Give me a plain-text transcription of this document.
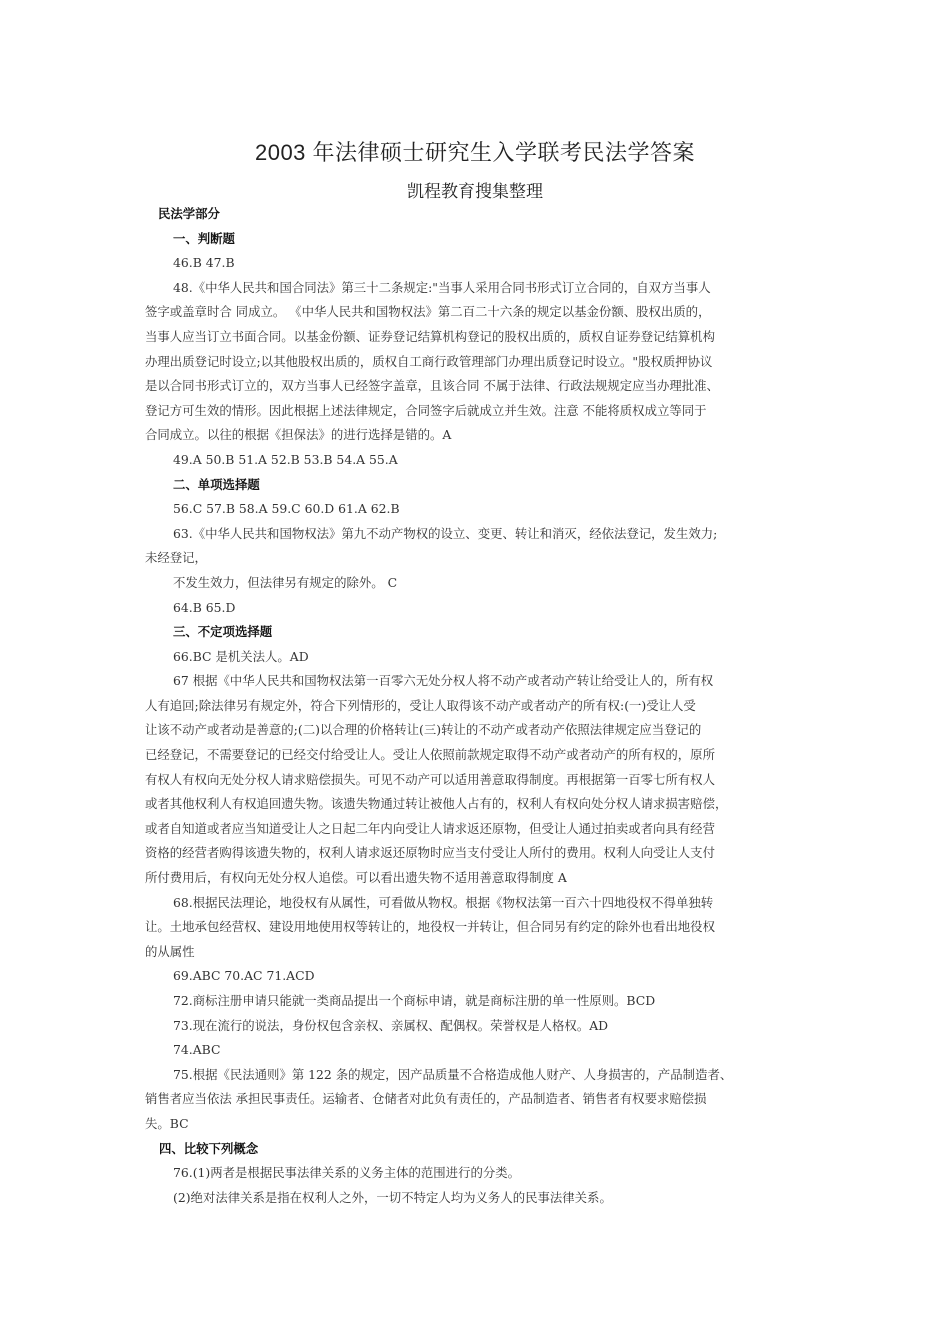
2003 年法律硕士研究生入学联考民法学答案
凯程教育搜集整理
民法学部分
一、判断题
46.B 47.B
48.《中华人民共和国合同法》第三十二条规定:"当事人采用合同书形式订立合同的，自双方当事人
签字或盖章时合 同成立。 《中华人民共和国物权法》第二百二十六条的规定以基金份额、股权出质的，
当事人应当订立书面合同。以基金份额、证券登记结算机构登记的股权出质的，质权自证券登记结算机构
办理出质登记时设立;以其他股权出质的，质权自工商行政管理部门办理出质登记时设立。"股权质押协议
是以合同书形式订立的，双方当事人已经签字盖章，且该合同 不属于法律、行政法规规定应当办理批准、
登记方可生效的情形。因此根据上述法律规定，合同签字后就成立并生效。注意 不能将质权成立等同于
合同成立。以往的根据《担保法》的进行选择是错的。A
49.A 50.B 51.A 52.B 53.B 54.A 55.A
二、单项选择题
56.C 57.B 58.A 59.C 60.D 61.A 62.B
63.《中华人民共和国物权法》第九不动产物权的设立、变更、转让和消灭，经依法登记，发生效力;
未经登记，
不发生效力，但法律另有规定的除外。 C
64.B 65.D
三、不定项选择题
66.BC 是机关法人。AD
67 根据《中华人民共和国物权法第一百零六无处分权人将不动产或者动产转让给受让人的，所有权
人有追回;除法律另有规定外，符合下列情形的，受让人取得该不动产或者动产的所有权:(一)受让人受
让该不动产或者动是善意的;(二)以合理的价格转让(三)转让的不动产或者动产依照法律规定应当登记的
已经登记，不需要登记的已经交付给受让人。受让人依照前款规定取得不动产或者动产的所有权的，原所
有权人有权向无处分权人请求赔偿损失。可见不动产可以适用善意取得制度。再根据第一百零七所有权人
或者其他权利人有权追回遗失物。该遗失物通过转让被他人占有的，权利人有权向处分权人请求损害赔偿，
或者自知道或者应当知道受让人之日起二年内向受让人请求返还原物，但受让人通过拍卖或者向具有经营
资格的经营者购得该遗失物的，权利人请求返还原物时应当支付受让人所付的费用。权利人向受让人支付
所付费用后，有权向无处分权人追偿。可以看出遗失物不适用善意取得制度 A
68.根据民法理论，地役权有从属性，可看做从物权。根据《物权法第一百六十四地役权不得单独转
让。土地承包经营权、建设用地使用权等转让的，地役权一并转让，但合同另有约定的除外也看出地役权
的从属性
69.ABC 70.AC 71.ACD
72.商标注册申请只能就一类商品提出一个商标申请，就是商标注册的单一性原则。BCD
73.现在流行的说法，身份权包含亲权、亲属权、配偶权。荣誉权是人格权。AD
74.ABC
75.根据《民法通则》第 122 条的规定，因产品质量不合格造成他人财产、人身损害的，产品制造者、
销售者应当依法 承担民事责任。运输者、仓储者对此负有责任的，产品制造者、销售者有权要求赔偿损
失。BC
四、比较下列概念
76.(1)两者是根据民事法律关系的义务主体的范围进行的分类。
(2)绝对法律关系是指在权利人之外，一切不特定人均为义务人的民事法律关系。
